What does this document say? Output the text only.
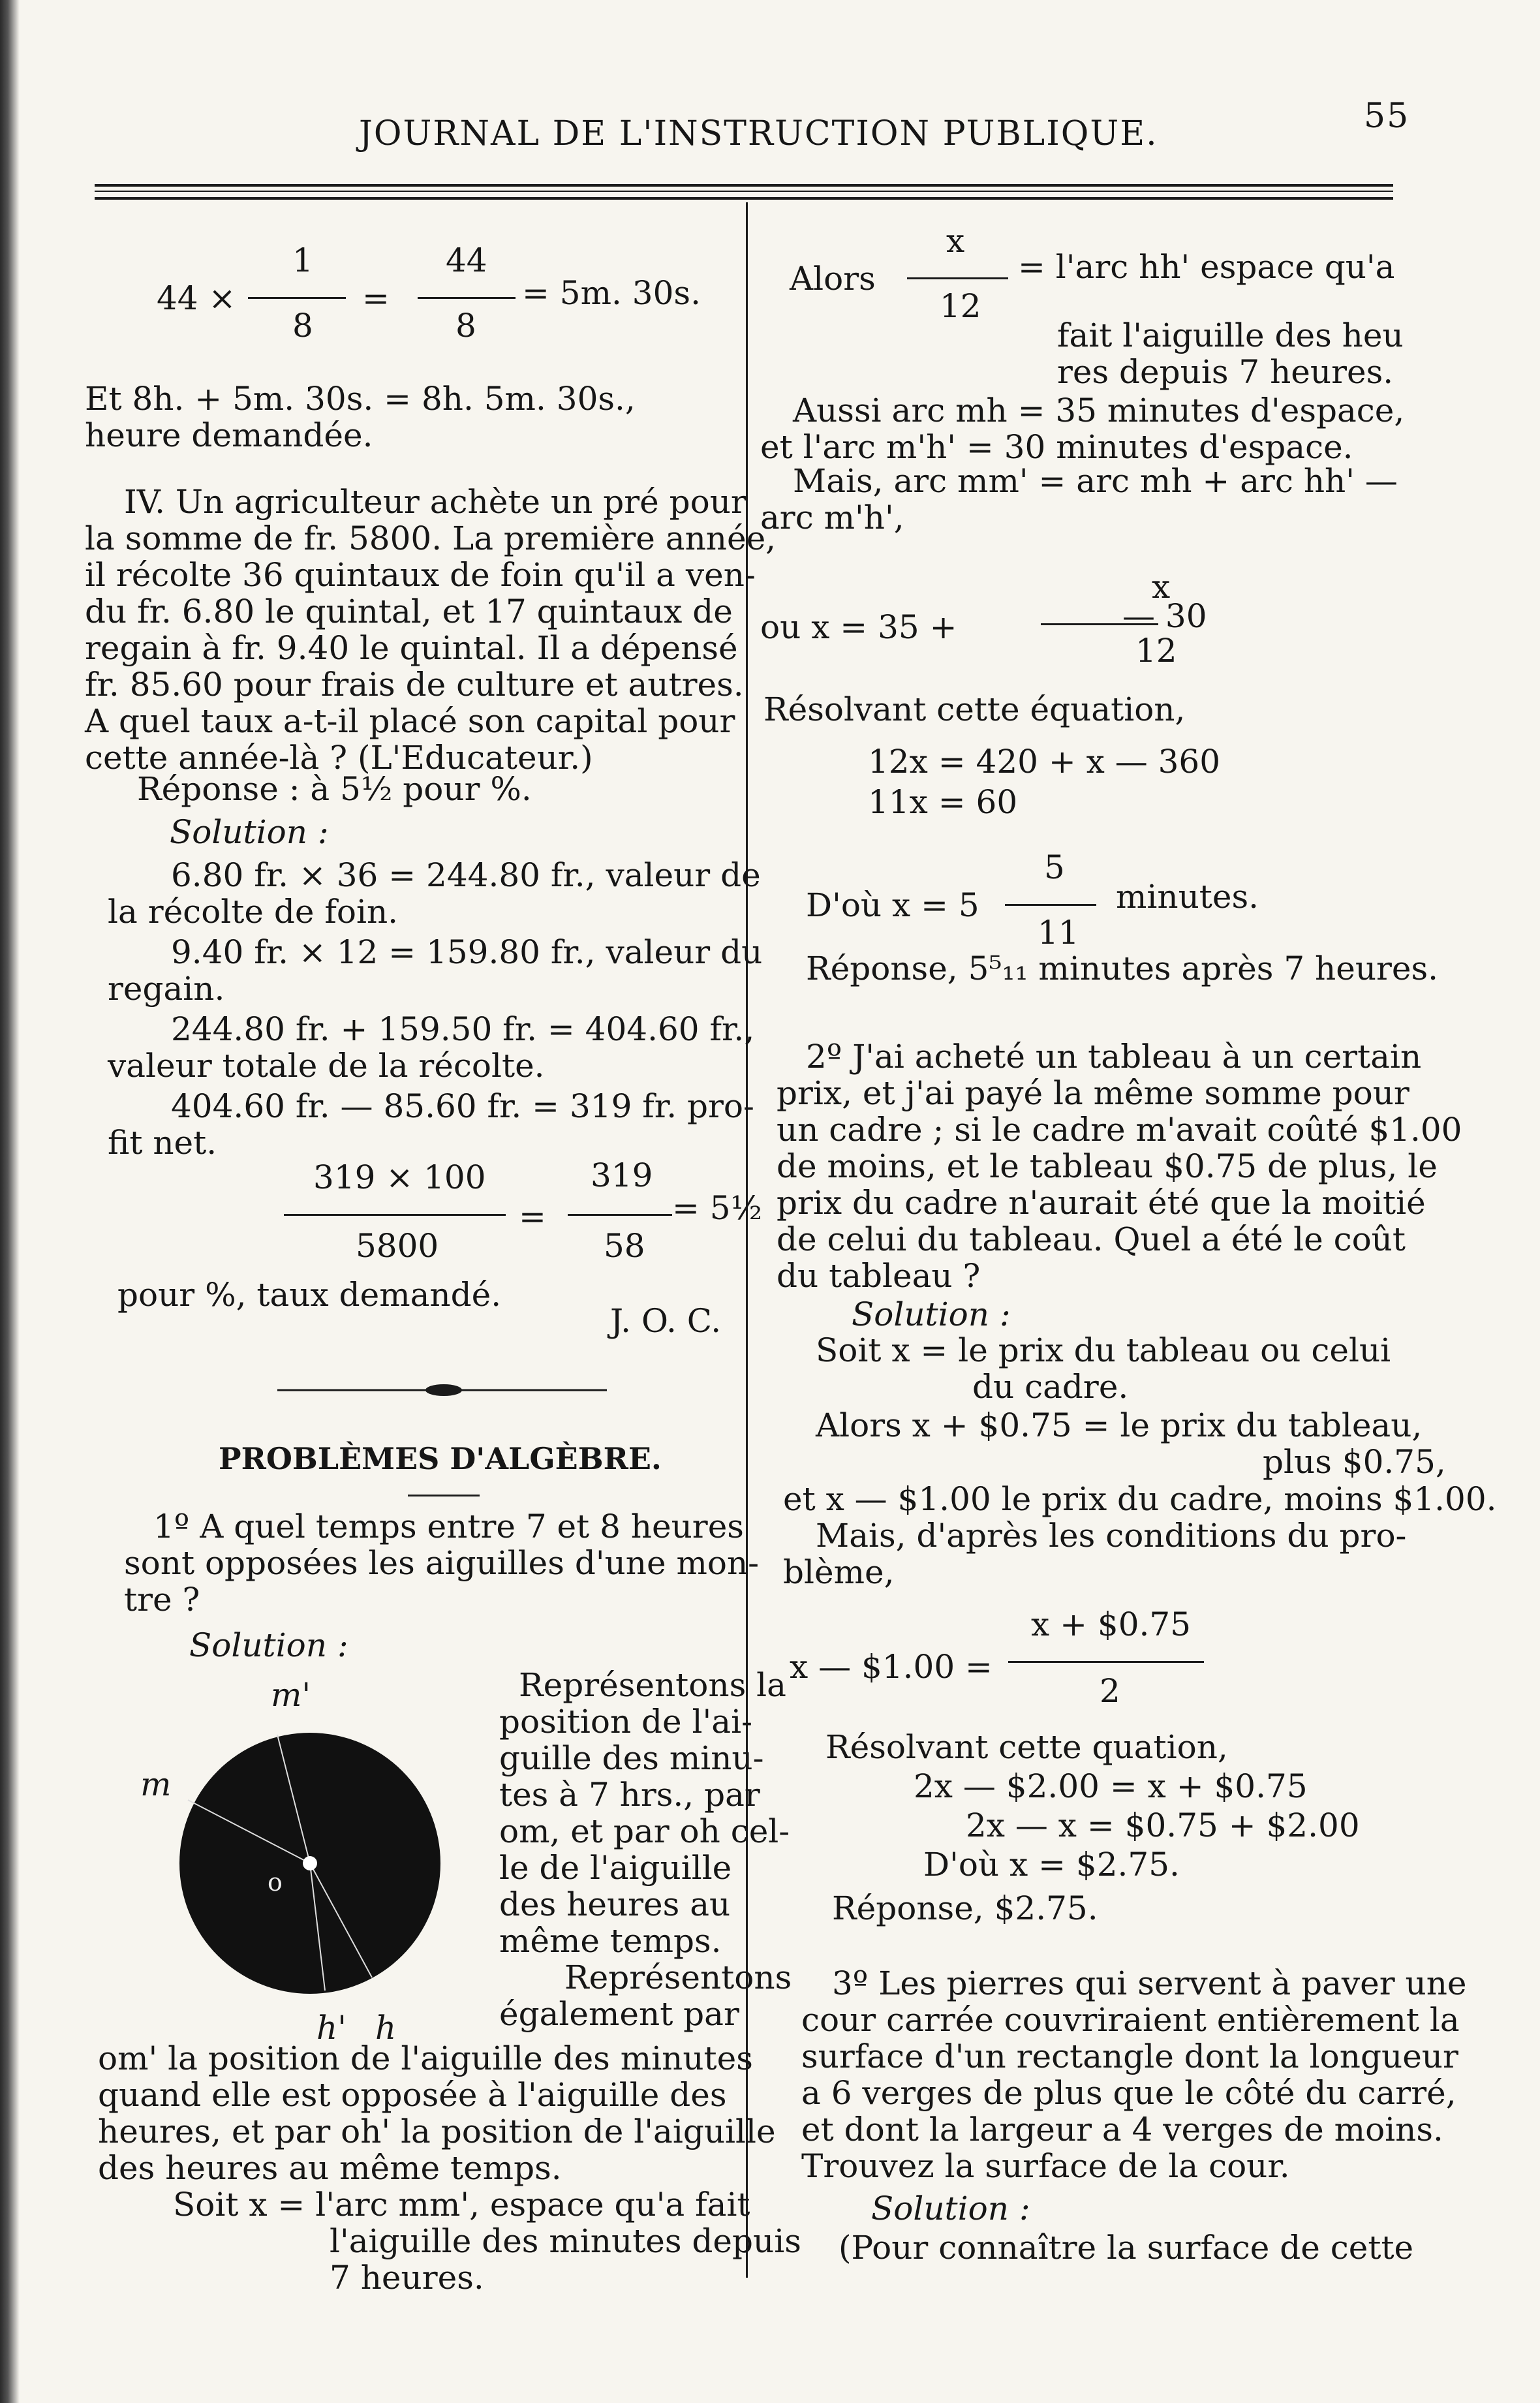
JOURNAL DE L'INSTRUCTION PUBLIQUE.	55
44 ×
1
8
=
44
8
= 5m. 30s.
Et 8h. + 5m. 30s. = 8h. 5m. 30s.,
heure demandée.
IV. Un agriculteur achète un pré pour
la somme de fr. 5800. La première année,
il récolte 36 quintaux de foin qu'il a ven-
du fr. 6.80 le quintal, et 17 quintaux de
regain à fr. 9.40 le quintal. Il a dépensé
fr. 85.60 pour frais de culture et autres.
A quel taux a-t-il placé son capital pour
cette année-là ? (L'Educateur.)
Réponse : à 5½ pour %.
Solution :
6.80 fr. × 36 = 244.80 fr., valeur de
la récolte de foin.
9.40 fr. × 12 = 159.80 fr., valeur du
regain.
244.80 fr. + 159.50 fr. = 404.60 fr.,
valeur totale de la récolte.
404.60 fr. — 85.60 fr. = 319 fr. pro-
fit net.
319 × 100
5800
=
319
58
= 5½
pour %, taux demandé.
J. O. C.
PROBLÈMES D'ALGÈBRE.
1º A quel temps entre 7 et 8 heures
sont opposées les aiguilles d'une mon-
tre ?
Solution :
m'
m
o
h' h
Représentons la
position de l'ai-
guille des minu-
tes à 7 hrs., par
om, et par oh cel-
le de l'aiguille
des heures au
même temps.
Représentons
également par
om' la position de l'aiguille des minutes
quand elle est opposée à l'aiguille des
heures, et par oh' la position de l'aiguille
des heures au même temps.
Soit x = l'arc mm', espace qu'a fait
l'aiguille des minutes depuis
7 heures.
Alors
x
12
= l'arc hh' espace qu'a
fait l'aiguille des heu
res depuis 7 heures.
Aussi arc mh = 35 minutes d'espace,
et l'arc m'h' = 30 minutes d'espace.
Mais, arc mm' = arc mh + arc hh' —
arc m'h',
x
ou x = 35 +
12
— 30
Résolvant cette équation,
12x = 420 + x — 360
11x = 60
5
D'où x = 5
11
minutes.
Réponse, 5⁵₁₁ minutes après 7 heures.
2º J'ai acheté un tableau à un certain
prix, et j'ai payé la même somme pour
un cadre ; si le cadre m'avait coûté $1.00
de moins, et le tableau $0.75 de plus, le
prix du cadre n'aurait été que la moitié
de celui du tableau. Quel a été le coût
du tableau ?
Solution :
Soit x = le prix du tableau ou celui
du cadre.
Alors x + $0.75 = le prix du tableau,
plus $0.75,
et x — $1.00 le prix du cadre, moins $1.00.
Mais, d'après les conditions du pro-
blème,
x + $0.75
x — $1.00 =
2
Résolvant cette quation,
2x — $2.00 = x + $0.75
2x — x = $0.75 + $2.00
D'où x = $2.75.
Réponse, $2.75.
3º Les pierres qui servent à paver une
cour carrée couvriraient entièrement la
surface d'un rectangle dont la longueur
a 6 verges de plus que le côté du carré,
et dont la largeur a 4 verges de moins.
Trouvez la surface de la cour.
Solution :
(Pour connaître la surface de cette
